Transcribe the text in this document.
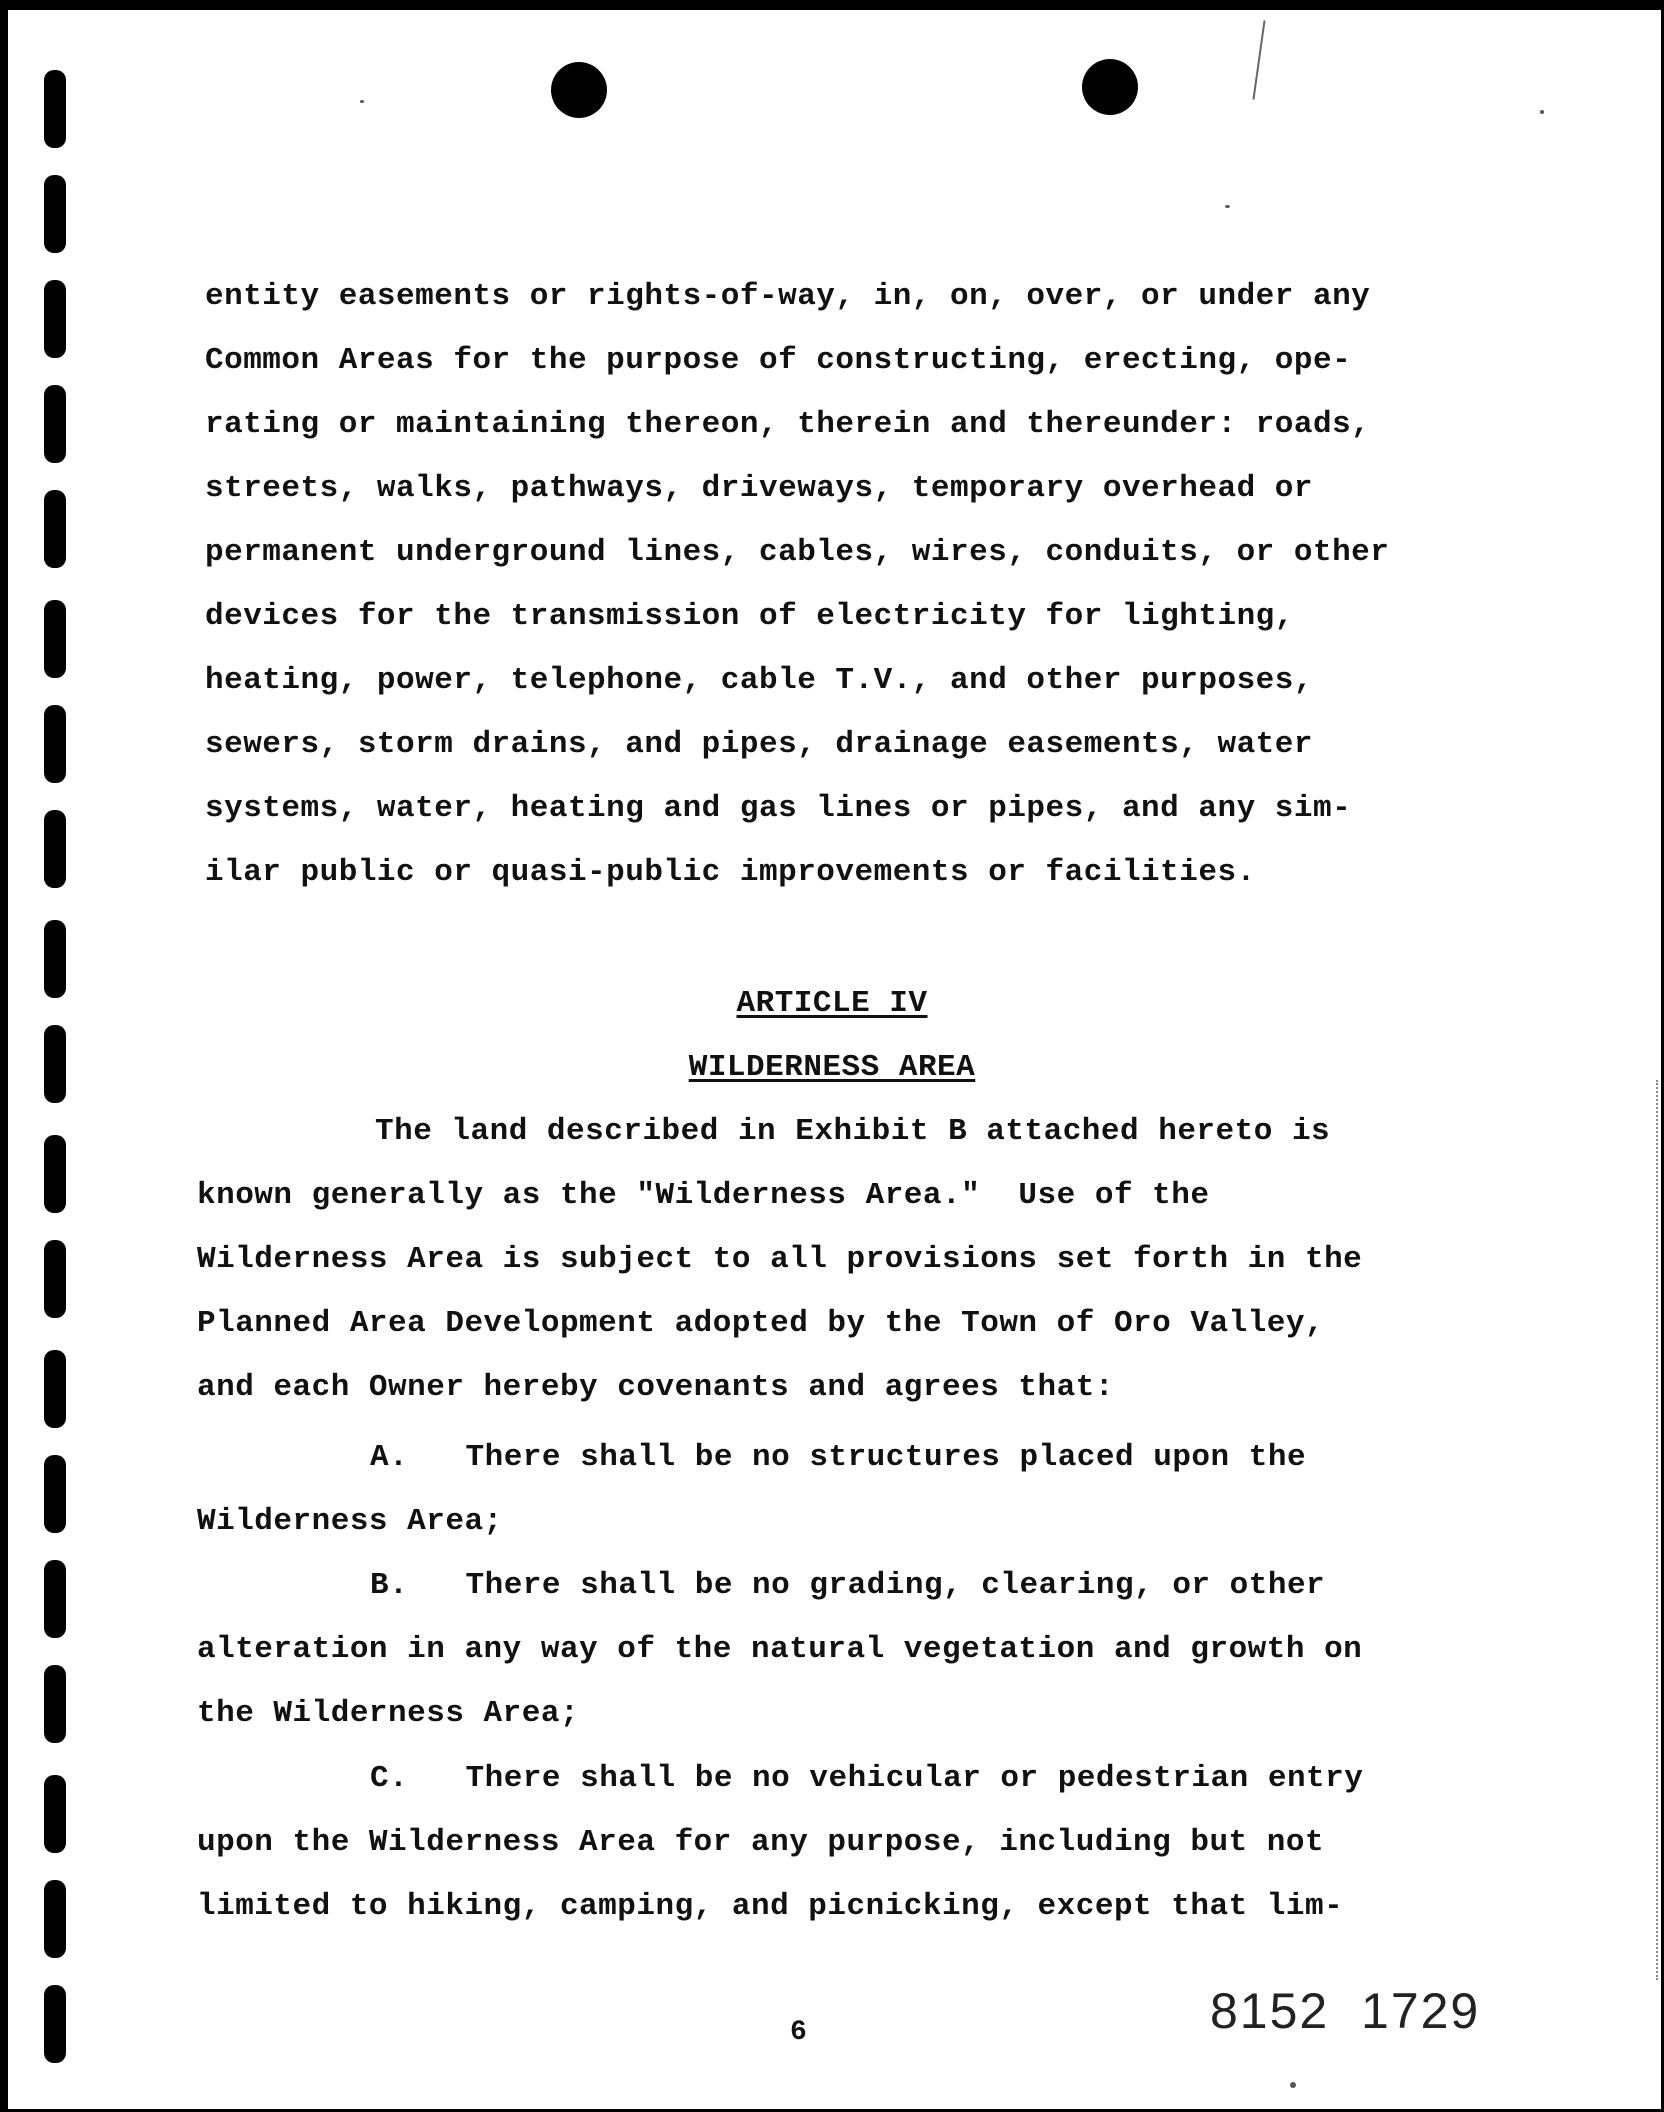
entity easements or rights-of-way, in, on, over, or under any
Common Areas for the purpose of constructing, erecting, ope-
rating or maintaining thereon, therein and thereunder: roads,
streets, walks, pathways, driveways, temporary overhead or
permanent underground lines, cables, wires, conduits, or other
devices for the transmission of electricity for lighting,
heating, power, telephone, cable T.V., and other purposes,
sewers, storm drains, and pipes, drainage easements, water
systems, water, heating and gas lines or pipes, and any sim-
ilar public or quasi-public improvements or facilities.
ARTICLE IV
WILDERNESS AREA
The land described in Exhibit B attached hereto is
known generally as the "Wilderness Area."  Use of the
Wilderness Area is subject to all provisions set forth in the
Planned Area Development adopted by the Town of Oro Valley,
and each Owner hereby covenants and agrees that:
A.   There shall be no structures placed upon the
Wilderness Area;
B.   There shall be no grading, clearing, or other
alteration in any way of the natural vegetation and growth on
the Wilderness Area;
C.   There shall be no vehicular or pedestrian entry
upon the Wilderness Area for any purpose, including but not
limited to hiking, camping, and picnicking, except that lim-
6	8152  1729
